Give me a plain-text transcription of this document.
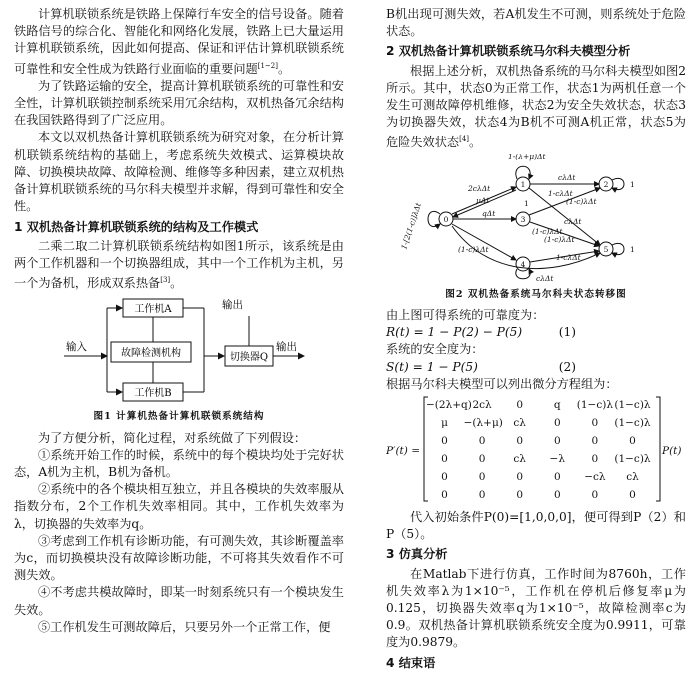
计算机联锁系统是铁路上保障行车安全的信号设备。随着铁路信号的综合化、智能化和网络化发展，铁路上已大量运用计算机联锁系统，因此如何提高、保证和评估计算机联锁系统可靠性和安全性成为铁路行业面临的重要问题[1~2]。

为了铁路运输的安全，提高计算机联锁系统的可靠性和安全性，计算机联锁控制系统采用冗余结构，双机热备冗余结构在我国铁路得到了广泛应用。

本文以双机热备计算机联锁系统为研究对象，在分析计算机联锁系统结构的基础上，考虑系统失效模式、运算模块故障、切换模块故障、故障检测、维修等多种因素，建立双机热备计算机联锁系统的马尔科夫模型并求解，得到可靠性和安全性。

1 双机热备计算机联锁系统的结构及工作模式

二乘二取二计算机联锁系统结构如图1所示，该系统是由两个工作机器和一个切换器组成，其中一个工作机为主机，另一个为备机，形成双系热备[3]。

输入
工作机A
故障检测机构
工作机B
切换器Q
输出
输出
图1 计算机热备计算机联锁系统结构

为了方便分析，简化过程，对系统做了下列假设：

①系统开始工作的时候，系统中的每个模块均处于完好状态，A机为主机，B机为备机。

②系统中的各个模块相互独立，并且各模块的失效率服从指数分布，2个工作机失效率相同。其中，工作机失效率为λ，切换器的失效率为q。

③考虑到工作机有诊断功能，有可测失效，其诊断覆盖率为c，而切换模块没有故障诊断功能，不可将其失效看作不可测失效。

④不考虑共模故障时，即某一时刻系统只有一个模块发生失效。

⑤工作机发生可测故障后，只要另外一个正常工作，便

B机出现可测失效，若A机发生不可测，则系统处于危险状态。

2 双机热备计算机联锁系统马尔科夫模型分析

根据上述分析，双机热备系统的马尔科夫模型如图2所示。其中，状态0为正常工作，状态1为两机任意一个发生可测故障停机维修，状态2为安全失效状态，状态3为切换器失效，状态4为B机不可测A机正常，状态5为危险失效状态[4]。

0
1	2
3
4
5
1-(λ+μ)Δt
1-[2(1-c)]λΔt
2cλΔt
μΔt
qΔt
1
1
cλΔt
cλΔt
(1-c)λΔt
1-cλΔt
cλΔt
(1-c)λΔt
(1-c)λΔt
(1-c)λΔt
1-cλΔt
1
图2 双机热备系统马尔科夫状态转移图

由上图可得系统的可靠度为：

R(t) = 1 − P(2) − P(5)	(1)

系统的安全度为：

S(t) = 1 − P(5)	(2)

根据马尔科夫模型可以列出微分方程组为：

P′(t) =	P(t)
−(2λ+q) 2cλ	0	q	(1−c)λ (1−c)λ
μ	−(λ+μ)	cλ	0	0	(1−c)λ
0	0	0	0	0	0
0	0	cλ	−λ	0	(1−c)λ
0	0	0	0	−cλ	cλ
0	0	0	0	0	0

代入初始条件P(0)=[1,0,0,0]，便可得到P（2）和P（5）。

3 仿真分析

在Matlab下进行仿真，工作时间为8760h，工作机失效率λ为1×10⁻⁵，工作机在停机后修复率μ为0.125，切换器失效率q为1×10⁻⁵，故障检测率c为0.9。双机热备计算机联锁系统安全度为0.9911，可靠度为0.9879。

4 结束语
